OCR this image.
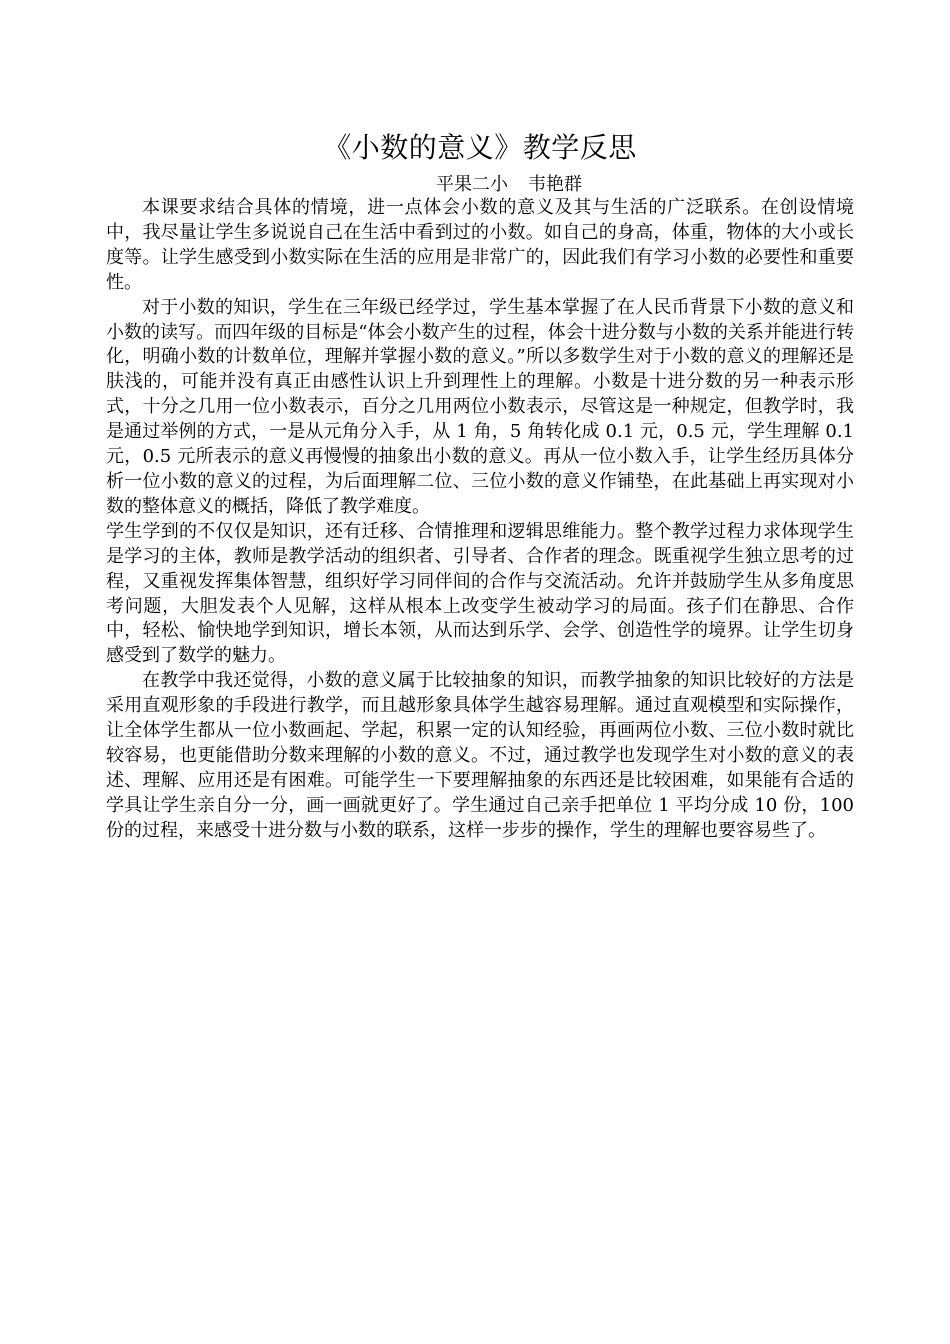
《小数的意义》教学反思
平果二小 韦艳群

本课要求结合具体的情境，进一点体会小数的意义及其与生活的广泛联系。在创设情境中，我尽量让学生多说说自己在生活中看到过的小数。如自己的身高，体重，物体的大小或长度等。让学生感受到小数实际在生活的应用是非常广的，因此我们有学习小数的必要性和重要性。

对于小数的知识，学生在三年级已经学过，学生基本掌握了在人民币背景下小数的意义和小数的读写。而四年级的目标是“体会小数产生的过程，体会十进分数与小数的关系并能进行转化，明确小数的计数单位，理解并掌握小数的意义。”所以多数学生对于小数的意义的理解还是肤浅的，可能并没有真正由感性认识上升到理性上的理解。小数是十进分数的另一种表示形式，十分之几用一位小数表示，百分之几用两位小数表示，尽管这是一种规定，但教学时，我是通过举例的方式，一是从元角分入手，从 1 角，5 角转化成 0.1 元，0.5 元，学生理解 0.1 元，0.5 元所表示的意义再慢慢的抽象出小数的意义。再从一位小数入手，让学生经历具体分析一位小数的意义的过程，为后面理解二位、三位小数的意义作铺垫，在此基础上再实现对小数的整体意义的概括，降低了教学难度。

学生学到的不仅仅是知识，还有迁移、合情推理和逻辑思维能力。整个教学过程力求体现学生是学习的主体，教师是教学活动的组织者、引导者、合作者的理念。既重视学生独立思考的过程，又重视发挥集体智慧，组织好学习同伴间的合作与交流活动。允许并鼓励学生从多角度思考问题，大胆发表个人见解，这样从根本上改变学生被动学习的局面。孩子们在静思、合作中，轻松、愉快地学到知识，增长本领，从而达到乐学、会学、创造性学的境界。让学生切身感受到了数学的魅力。

在教学中我还觉得，小数的意义属于比较抽象的知识，而教学抽象的知识比较好的方法是采用直观形象的手段进行教学，而且越形象具体学生越容易理解。通过直观模型和实际操作，让全体学生都从一位小数画起、学起，积累一定的认知经验，再画两位小数、三位小数时就比较容易，也更能借助分数来理解的小数的意义。不过，通过教学也发现学生对小数的意义的表述、理解、应用还是有困难。可能学生一下要理解抽象的东西还是比较困难，如果能有合适的学具让学生亲自分一分，画一画就更好了。学生通过自己亲手把单位 1 平均分成 10 份，100 份的过程，来感受十进分数与小数的联系，这样一步步的操作，学生的理解也要容易些了。
